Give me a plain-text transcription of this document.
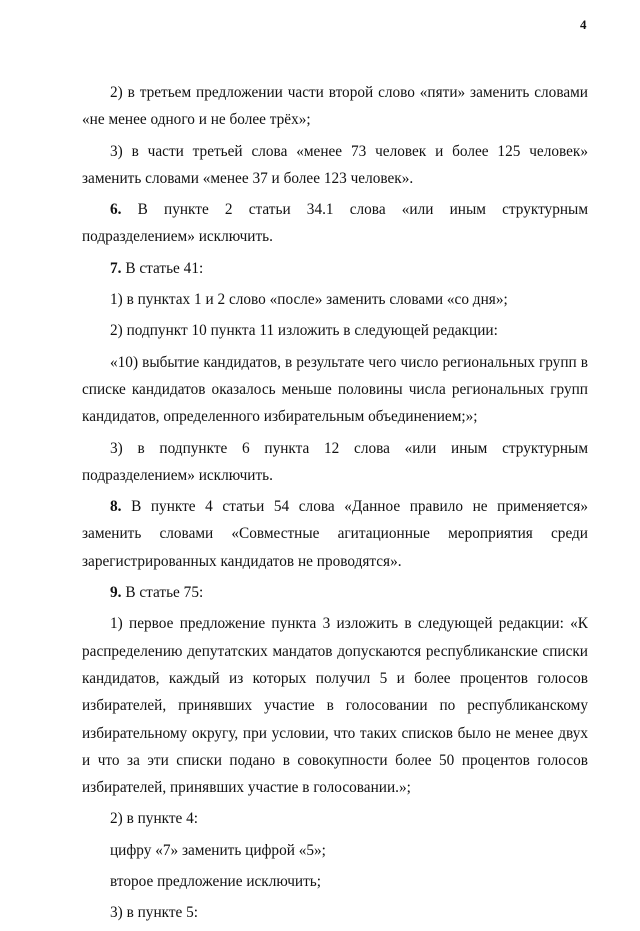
4

2) в третьем предложении части второй слово «пяти» заменить словами
«не менее одного и не более трёх»;

3) в части третьей слова «менее 73 человек и более 125 человек»
заменить словами «менее 37 и более 123 человек».

6. В пункте 2 статьи 34.1 слова «или иным структурным
подразделением» исключить.

7. В статье 41:

1) в пунктах 1 и 2 слово «после» заменить словами «со дня»;

2) подпункт 10 пункта 11 изложить в следующей редакции:

«10) выбытие кандидатов, в результате чего число региональных групп в
списке кандидатов оказалось меньше половины числа региональных групп
кандидатов, определенного избирательным объединением;»;

3) в подпункте 6 пункта 12 слова «или иным структурным
подразделением» исключить.

8. В пункте 4 статьи 54 слова «Данное правило не применяется»
заменить словами «Совместные агитационные мероприятия среди
зарегистрированных кандидатов не проводятся».

9. В статье 75:

1) первое предложение пункта 3 изложить в следующей редакции: «К
распределению депутатских мандатов допускаются республиканские списки
кандидатов, каждый из которых получил 5 и более процентов голосов
избирателей, принявших участие в голосовании по республиканскому
избирательному округу, при условии, что таких списков было не менее двух
и что за эти списки подано в совокупности более 50 процентов голосов
избирателей, принявших участие в голосовании.»;

2) в пункте 4:

цифру «7» заменить цифрой «5»;

второе предложение исключить;

3) в пункте 5:
